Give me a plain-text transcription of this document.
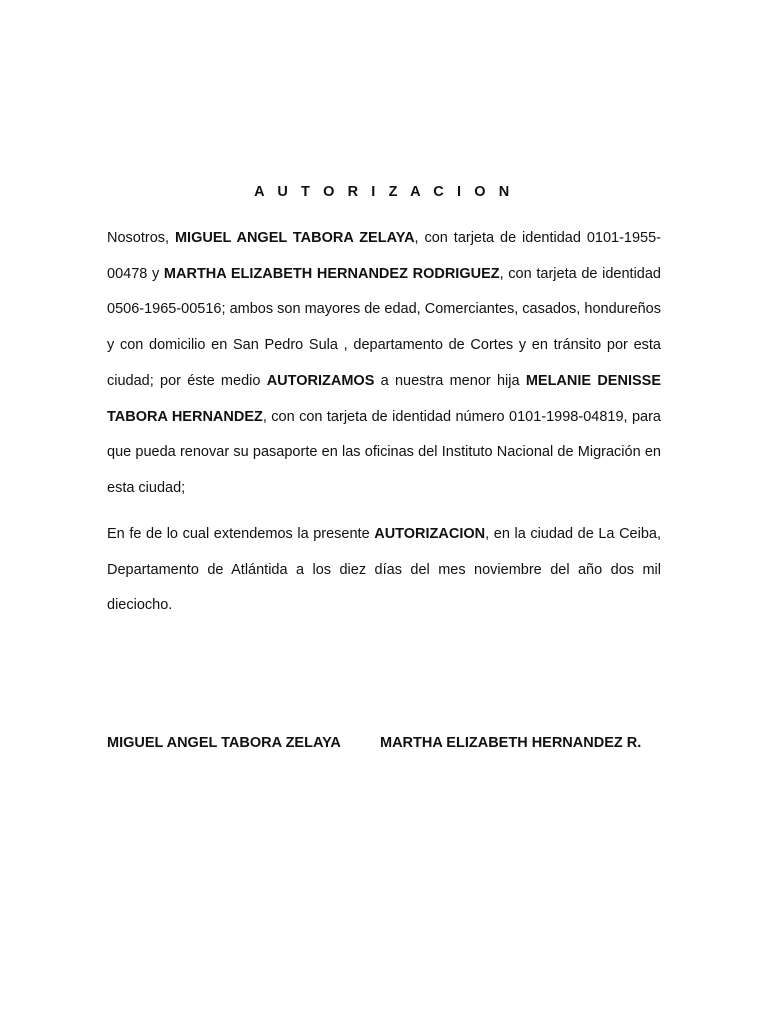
A U T O R I Z A C I O N

Nosotros, MIGUEL ANGEL TABORA ZELAYA, con tarjeta de identidad 0101-1955-00478 y MARTHA ELIZABETH HERNANDEZ RODRIGUEZ, con tarjeta de identidad 0506-1965-00516; ambos son mayores de edad, Comerciantes, casados, hondureños y con domicilio en San Pedro Sula , departamento de Cortes y en tránsito por esta ciudad; por éste medio AUTORIZAMOS a nuestra menor hija MELANIE DENISSE TABORA HERNANDEZ, con con tarjeta de identidad número 0101-1998-04819, para que pueda renovar su pasaporte en las oficinas del Instituto Nacional de Migración en esta ciudad;

En fe de lo cual extendemos la presente AUTORIZACION, en la ciudad de La Ceiba, Departamento de Atlántida a los diez días del mes noviembre del año dos mil dieciocho.

MIGUEL ANGEL TABORA ZELAYA	MARTHA ELIZABETH HERNANDEZ R.
